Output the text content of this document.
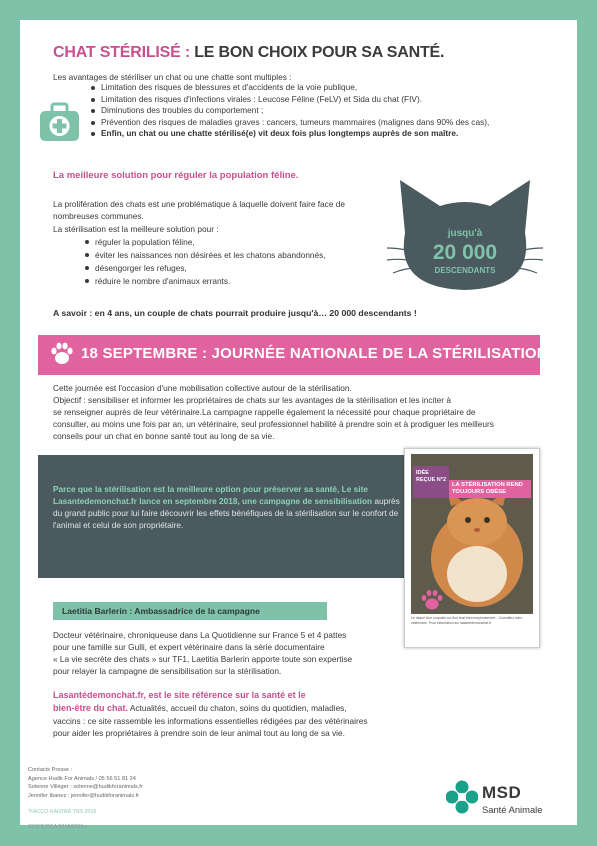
CHAT STÉRILISÉ : LE BON CHOIX POUR SA SANTÉ.
Les avantages de stériliser un chat ou une chatte sont multiples :
Limitation des risques de blessures et d'accidents de la voie publique,
Limitation des risques d'infections virales : Leucose Féline (FeLV) et Sida du chat (FIV).
Diminutions des troubles du comportement ;
Prévention des risques de maladies graves : cancers, tumeurs mammaires (malignes dans 90% des cas),
Enfin, un chat ou une chatte stérilisé(e) vit deux fois plus longtemps auprès de son maître.
La meilleure solution pour réguler la population féline.
La prolifération des chats est une problématique à laquelle doivent faire face de nombreuses communes.
La stérilisation est la meilleure solution pour :
réguler la population féline,
éviter les naissances non désirées et les chatons abandonnés,
désengorger les refuges,
réduire le nombre d'animaux errants.
jusqu'à
20 000
DESCENDANTS
A savoir : en 4 ans, un couple de chats pourrait produire jusqu'à… 20 000 descendants !
18 SEPTEMBRE : JOURNÉE NATIONALE DE LA STÉRILISATION.
Cette journée est l'occasion d'une mobilisation collective autour de la stérilisation.
Objectif : sensibiliser et informer les propriétaires de chats sur les avantages de la stérilisation et les inciter à
se renseigner auprès de leur vétérinaire.La campagne rappelle également la nécessité pour chaque propriétaire de
consulter, au moins une fois par an, un vétérinaire, seul professionnel habilité à prendre soin et à prodiguer les meilleurs
conseils pour un chat en bonne santé tout au long de sa vie.
Parce que la stérilisation est la meilleure option pour préserver sa santé, Le site Lasantedemonchat.fr lance en septembre 2018, une campagne de sensibilisation auprès du grand public pour lui faire découvrir les effets bénéfiques de la stérilisation sur le confort de l'animal et celui de son propriétaire.
IDÉE REÇUE N°2
LA STÉRILISATION REND TOUJOURS OBÈSE
Le risque d'un surpoids ou d'un chat bien moyennement... Consultez votre vétérinaire. Pour information sur lasantedemonchat.fr
Laetitia Barlerin : Ambassadrice de la campagne
Docteur vétérinaire, chroniqueuse dans La Quotidienne sur France 5 et 4 pattes
pour une famille sur Gulli, et expert vétérinaire dans la série documentaire
« La vie secrète des chats » sur TF1, Laetitia Barlerin apporte toute son expertise
pour relayer la campagne de sensibilisation sur la stérilisation.
Lasantédemonchat.fr, est le site référence sur la santé et le
bien-être du chat. Actualités, accueil du chaton, soins du quotidien, maladies,
vaccins : ce site rassemble les informations essentielles rédigées par des vétérinaires
pour aider les propriétaires à prendre soin de leur animal tout au long de sa vie.
Contacts Presse :
Agence Hudik For Animals / 05 56 51 81 24
Solenne Villéger : solenne@hudikforanimals.fr
Jennifer Ibanez : jennifer@hudikforanimals.fr
*FACCO-KANTAR TNS 2016
GP/FR/OCA/0318/0021a
MSD
Santé Animale
